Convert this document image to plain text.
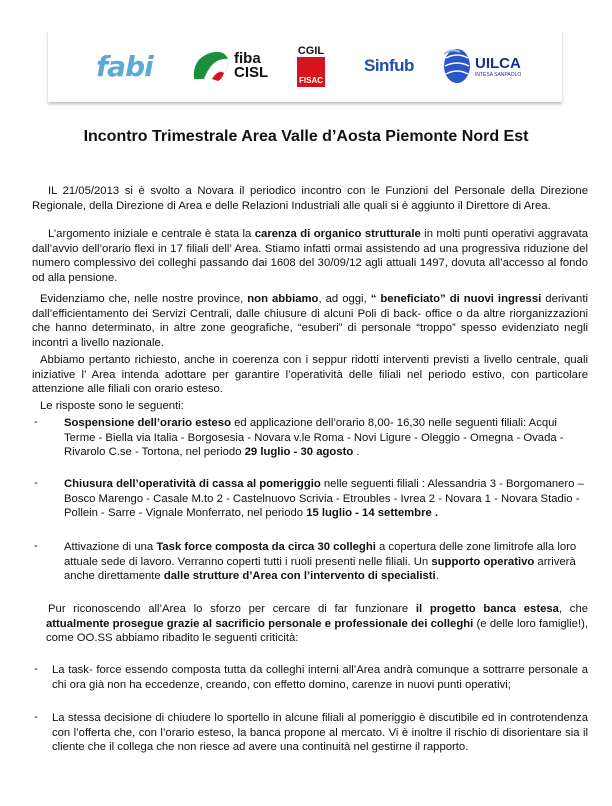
fabi	fiba
CISL
CGIL
FISAC
Sinfub	UILCA
INTESA SANPAOLO
Incontro Trimestrale Area Valle d’Aosta Piemonte Nord Est
IL 21/05/2013 si è svolto a Novara il periodico incontro con le Funzioni del Personale della Direzione Regionale, della Direzione di Area e delle Relazioni Industriali alle quali si è aggiunto il Direttore di Area.
L’argomento iniziale e centrale è stata la carenza di organico strutturale in molti punti operativi aggravata dall’avvio dell’orario flexi in 17 filiali dell’ Area. Stiamo infatti ormai assistendo ad una progressiva riduzione del numero complessivo dei colleghi passando dai 1608 del 30/09/12 agli attuali 1497, dovuta all’accesso al fondo od alla pensione.
Evidenziamo che, nelle nostre province, non abbiamo, ad oggi, “ beneficiato” di nuovi ingressi derivanti dall’efficientamento dei Servizi Centrali, dalle chiusure di alcuni Poli di back- office o da altre riorganizzazioni che hanno determinato, in altre zone geografiche, “esuberi” di personale “troppo” spesso evidenziato negli incontri a livello nazionale.
Abbiamo pertanto richiesto, anche in coerenza con i seppur ridotti interventi previsti a livello centrale, quali iniziative l’ Area intenda adottare per garantire l’operatività delle filiali nel periodo estivo, con particolare attenzione alle filiali con orario esteso.
Le risposte sono le seguenti:
- Sospensione dell’orario esteso ed applicazione dell’orario 8,00- 16,30 nelle seguenti filiali: Acqui Terme - Biella via Italia - Borgosesia - Novara v.le Roma - Novi Ligure - Oleggio - Omegna - Ovada - Rivarolo C.se - Tortona, nel periodo 29 luglio - 30 agosto .
- Chiusura dell’operatività di cassa al pomeriggio nelle seguenti filiali : Alessandria 3 - Borgomanero – Bosco Marengo - Casale M.to 2 - Castelnuovo Scrivia - Etroubles - Ivrea 2 - Novara 1 - Novara Stadio - Pollein - Sarre - Vignale Monferrato, nel periodo 15 luglio - 14 settembre .
- Attivazione di una Task force composta da circa 30 colleghi a copertura delle zone limitrofe alla loro attuale sede di lavoro. Verranno coperti tutti i ruoli presenti nelle filiali. Un supporto operativo arriverà anche direttamente dalle strutture d’Area con l’intervento di specialisti.
Pur riconoscendo all’Area lo sforzo per cercare di far funzionare il progetto banca estesa, che attualmente prosegue grazie al sacrificio personale e professionale dei colleghi (e delle loro famiglie!), come OO.SS abbiamo ribadito le seguenti criticità:
- La task- force essendo composta tutta da colleghi interni all’Area andrà comunque a sottrarre personale a chi ora già non ha eccedenze, creando, con effetto domino, carenze in nuovi punti operativi;
- La stessa decisione di chiudere lo sportello in alcune filiali al pomeriggio è discutibile ed in controtendenza con l’offerta che, con l’orario esteso, la banca propone al mercato. Vi è inoltre il rischio di disorientare sia il cliente che il collega che non riesce ad avere una continuità nel gestirne il rapporto.
